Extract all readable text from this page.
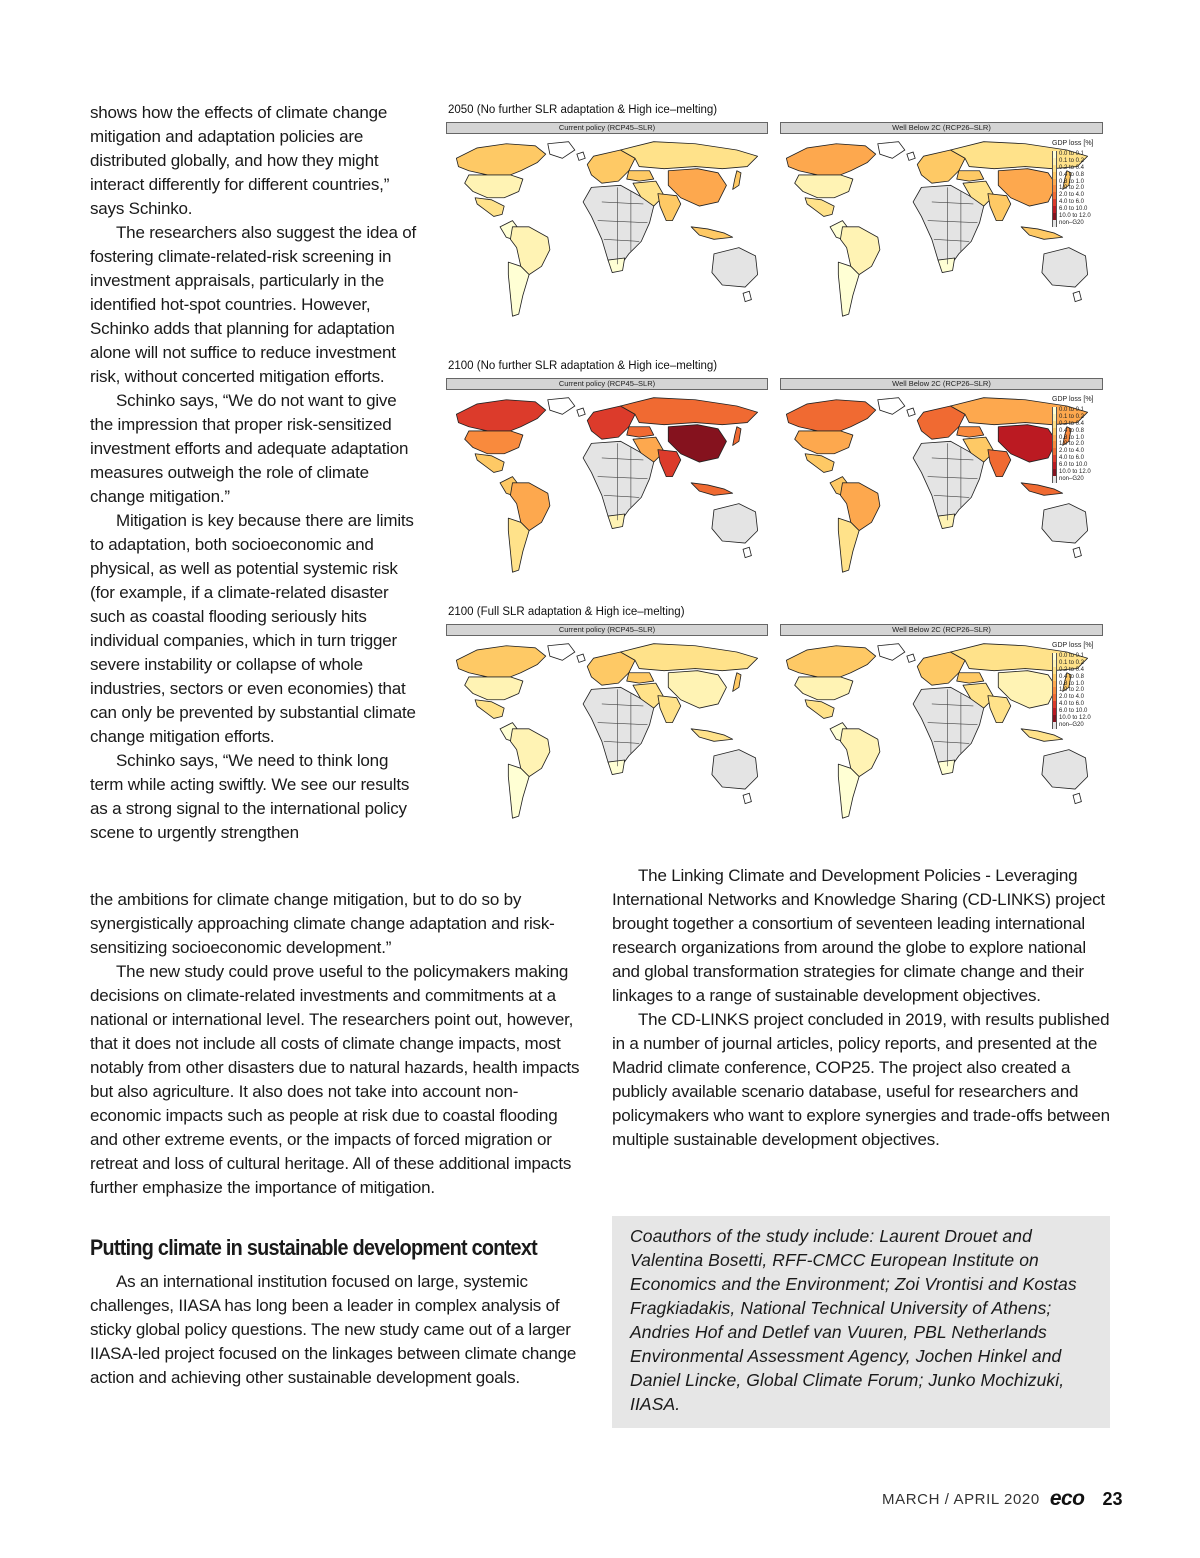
2050 (No further SLR adaptation & High ice–melting)
Current policy (RCP45–SLR)	Well Below 2C (RCP26–SLR)
GDP loss [%]
0.0 to 0.1
0.1 to 0.2
0.2 to 0.4
0.4 to 0.8
0.8 to 1.0
1.0 to 2.0
2.0 to 4.0
4.0 to 6.0
6.0 to 10.0
10.0 to 12.0
non–G20
2100 (No further SLR adaptation & High ice–melting)
Current policy (RCP45–SLR)	Well Below 2C (RCP26–SLR)
GDP loss [%]
0.0 to 0.1
0.1 to 0.2
0.2 to 0.4
0.4 to 0.8
0.8 to 1.0
1.0 to 2.0
2.0 to 4.0
4.0 to 6.0
6.0 to 10.0
10.0 to 12.0
non–G20
2100 (Full SLR adaptation & High ice–melting)
Current policy (RCP45–SLR)	Well Below 2C (RCP26–SLR)
GDP loss [%]
0.0 to 0.1
0.1 to 0.2
0.2 to 0.4
0.4 to 0.8
0.8 to 1.0
1.0 to 2.0
2.0 to 4.0
4.0 to 6.0
6.0 to 10.0
10.0 to 12.0
non–G20

shows how the effects of climate change mitigation and adaptation policies are distributed globally, and how they might interact differently for different countries,” says Schinko.

The researchers also suggest the idea of fostering climate-related-risk screening in investment appraisals, particularly in the identified hot-spot countries. However, Schinko adds that planning for adaptation alone will not suffice to reduce investment risk, without concerted mitigation efforts.

Schinko says, “We do not want to give the impression that proper risk-sensitized investment efforts and adequate adaptation measures outweigh the role of climate change mitigation.”

Mitigation is key because there are limits to adaptation, both socioeconomic and physical, as well as potential systemic risk (for example, if a climate-related disaster such as coastal flooding seriously hits individual companies, which in turn trigger severe instability or collapse of whole industries, sectors or even economies) that can only be prevented by substantial climate change mitigation efforts.

Schinko says, “We need to think long term while acting swiftly. We see our results as a strong signal to the international policy scene to urgently strengthen

the ambitions for climate change mitigation, but to do so by synergistically approaching climate change adaptation and risk-sensitizing socioeconomic development.”

The new study could prove useful to the policymakers making decisions on climate-related investments and commitments at a national or international level. The researchers point out, however, that it does not include all costs of climate change impacts, most notably from other disasters due to natural hazards, health impacts but also agriculture. It also does not take into account non-economic impacts such as people at risk due to coastal flooding and other extreme events, or the impacts of forced migration or retreat and loss of cultural heritage. All of these additional impacts further emphasize the importance of mitigation.

Putting climate in sustainable development context

As an international institution focused on large, systemic challenges, IIASA has long been a leader in complex analysis of sticky global policy questions. The new study came out of a larger IIASA-led project focused on the linkages between climate change action and achieving other sustainable development goals.

The Linking Climate and Development Policies - Leveraging International Networks and Knowledge Sharing (CD-LINKS) project brought together a consortium of seventeen leading international research organizations from around the globe to explore national and global transformation strategies for climate change and their linkages to a range of sustainable development objectives.

The CD-LINKS project concluded in 2019, with results published in a number of journal articles, policy reports, and presented at the Madrid climate conference, COP25. The project also created a publicly available scenario database, useful for researchers and policymakers who want to explore synergies and trade-offs between multiple sustainable development objectives.

Coauthors of the study include: Laurent Drouet and Valentina Bosetti, RFF-CMCC European Institute on Economics and the Environment; Zoi Vrontisi and Kostas Fragkiadakis, National Technical University of Athens; Andries Hof and Detlef van Vuuren, PBL Netherlands Environmental Assessment Agency, Jochen Hinkel and Daniel Lincke, Global Climate Forum; Junko Mochizuki, IIASA.

MARCH / APRIL 2020 eco 23
